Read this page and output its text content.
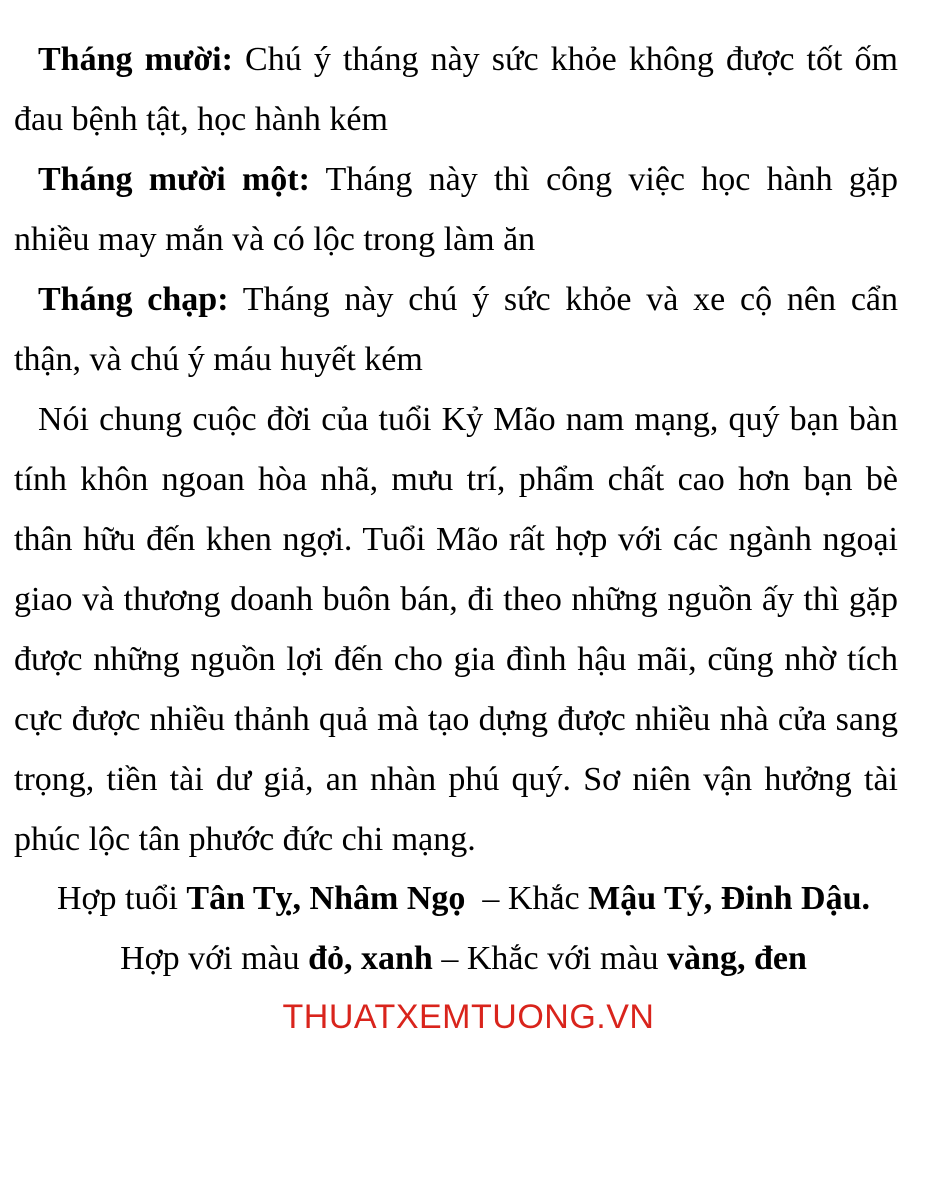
Tháng mười: Chú ý tháng này sức khỏe không được tốt ốm đau bệnh tật, học hành kém

Tháng mười một: Tháng này thì công việc học hành gặp nhiều may mắn và có lộc trong làm ăn

Tháng chạp: Tháng này chú ý sức khỏe và xe cộ nên cẩn thận, và chú ý máu huyết kém

Nói chung cuộc đời của tuổi Kỷ Mão nam mạng, quý bạn bàn tính khôn ngoan hòa nhã, mưu trí, phẩm chất cao hơn bạn bè thân hữu đến khen ngợi. Tuổi Mão rất hợp với các ngành ngoại giao và thương doanh buôn bán, đi theo những nguồn ấy thì gặp được những nguồn lợi đến cho gia đình hậu mãi, cũng nhờ tích cực được nhiều thảnh quả mà tạo dựng được nhiều nhà cửa sang trọng, tiền tài dư giả, an nhàn phú quý. Sơ niên vận hưởng tài phúc lộc tân phước đức chi mạng.

Hợp tuổi Tân Tỵ, Nhâm Ngọ  – Khắc Mậu Tý, Đinh Dậu.
Hợp với màu đỏ, xanh – Khắc với màu vàng, đen
THUATXEMTUONG.VN
